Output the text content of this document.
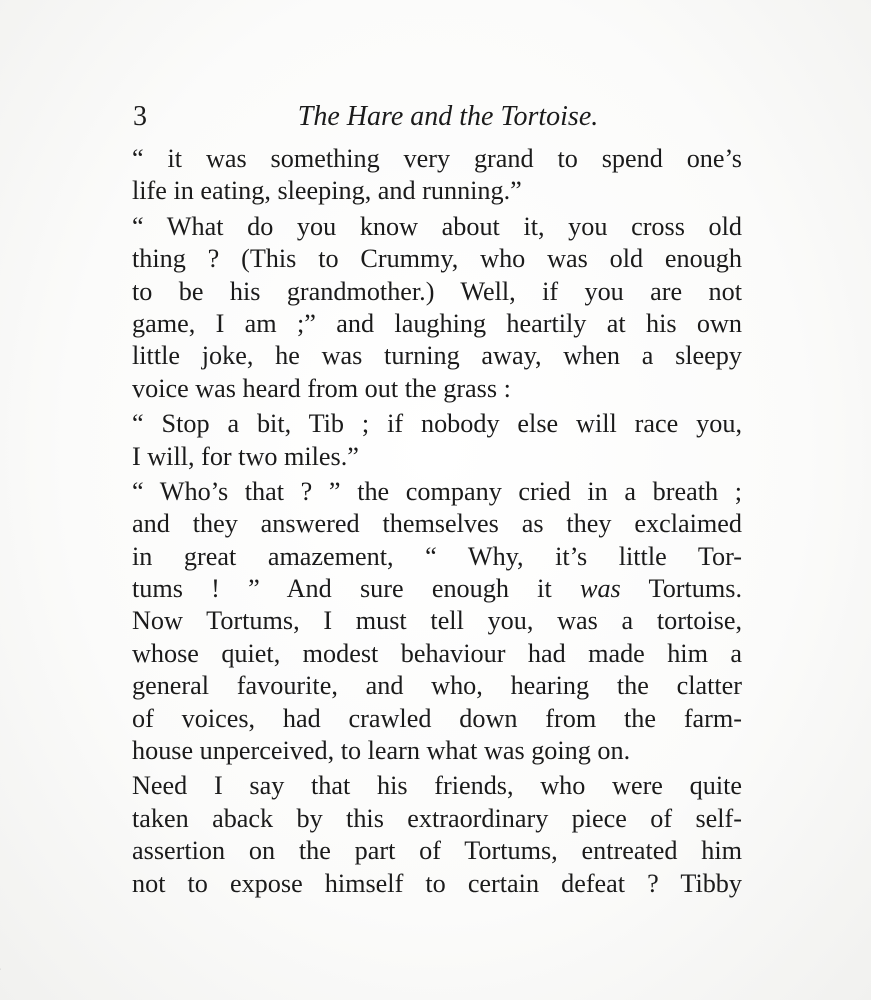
3	The Hare and the Tortoise.
“ it was something very grand to spend one’s
life in eating, sleeping, and running.”
“ What do you know about it, you cross old
thing ? (This to Crummy, who was old enough
to be his grandmother.) Well, if you are not
game, I am ;” and laughing heartily at his own
little joke, he was turning away, when a sleepy
voice was heard from out the grass :
“ Stop a bit, Tib ; if nobody else will race you,
I will, for two miles.”
“ Who’s that ? ” the company cried in a breath ;
and they answered themselves as they exclaimed
in great amazement, “ Why, it’s little Tor-
tums ! ” And sure enough it was Tortums.
Now Tortums, I must tell you, was a tortoise,
whose quiet, modest behaviour had made him a
general favourite, and who, hearing the clatter
of voices, had crawled down from the farm-
house unperceived, to learn what was going on.
Need I say that his friends, who were quite
taken aback by this extraordinary piece of self-
assertion on the part of Tortums, entreated him
not to expose himself to certain defeat ? Tibby
